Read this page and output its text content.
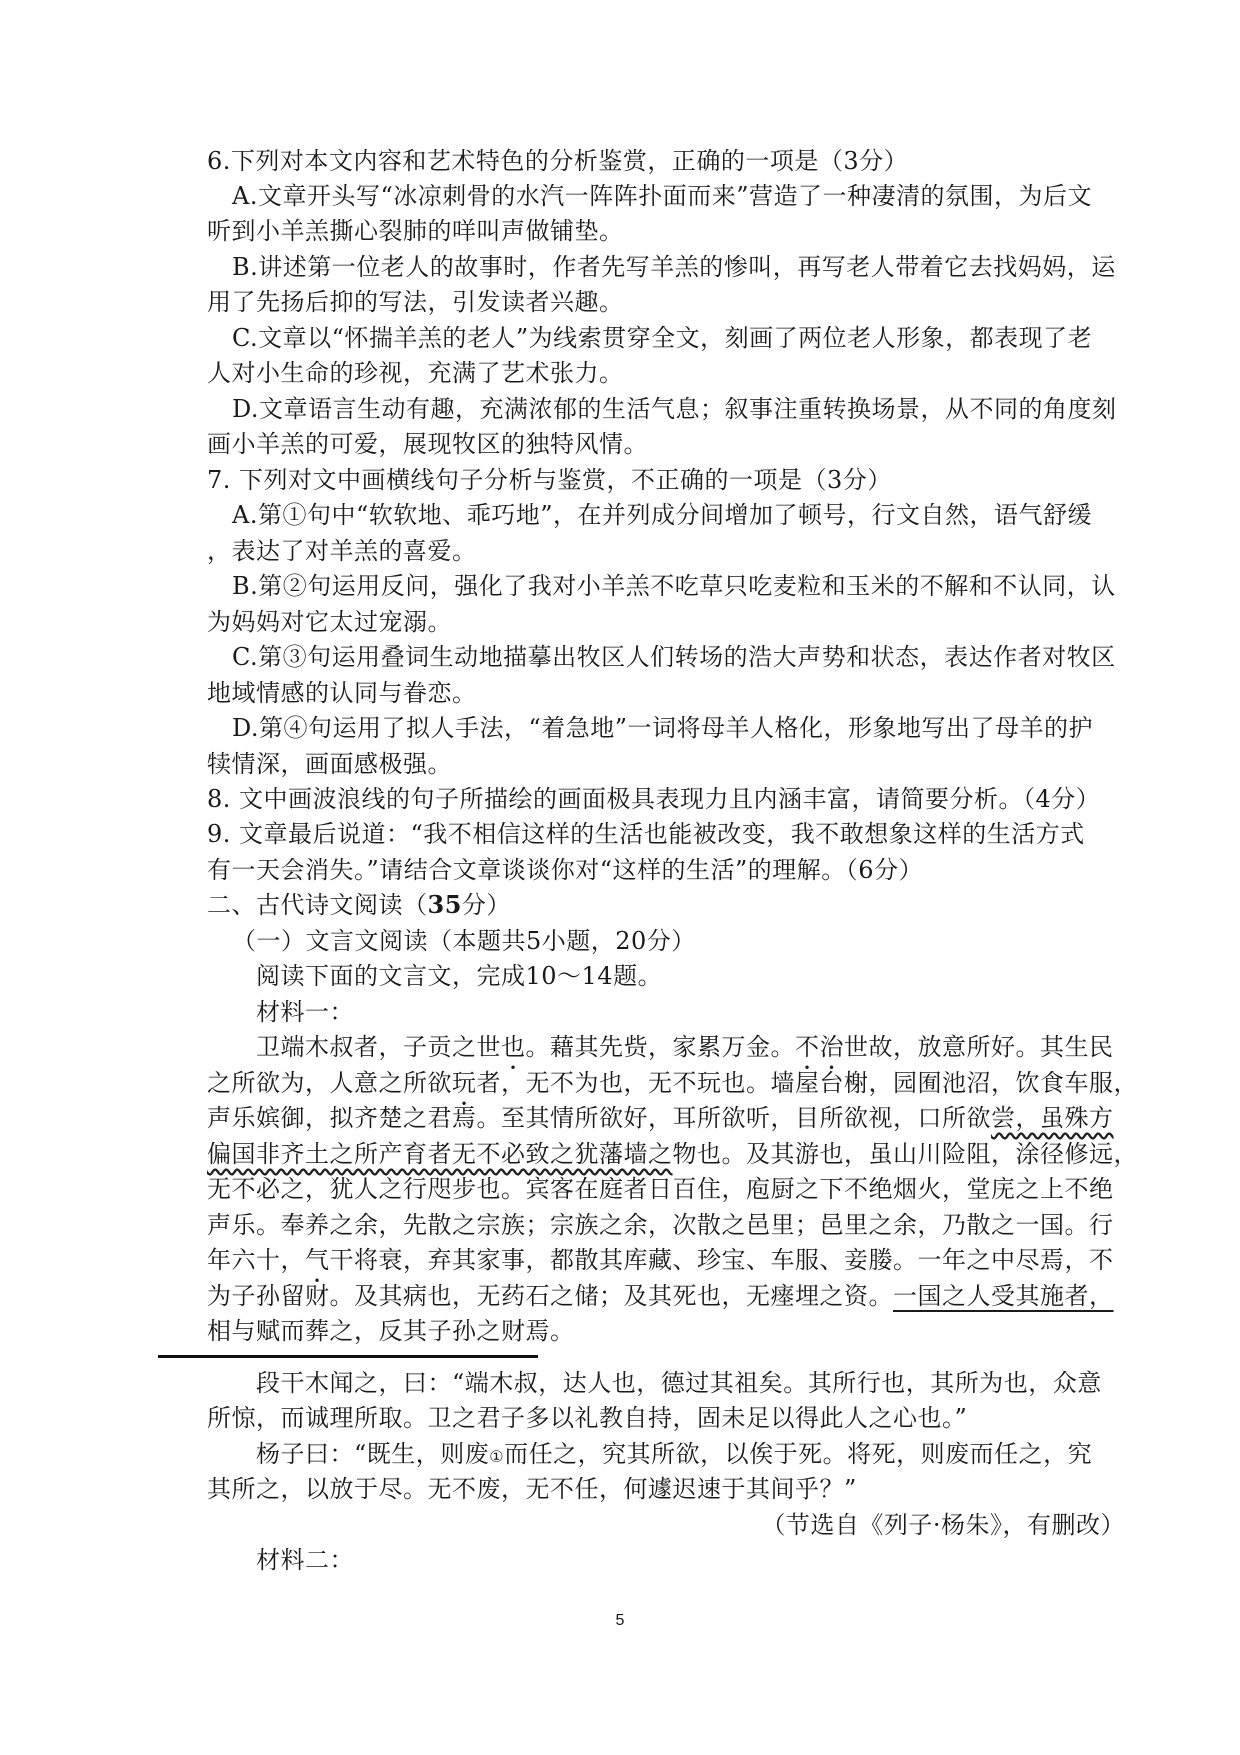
6.下列对本文内容和艺术特色的分析鉴赏，正确的一项是（3分）
A.文章开头写“冰凉刺骨的水汽一阵阵扑面而来”营造了一种凄清的氛围，为后文
听到小羊羔撕心裂肺的咩叫声做铺垫。
B.讲述第一位老人的故事时，作者先写羊羔的惨叫，再写老人带着它去找妈妈，运
用了先扬后抑的写法，引发读者兴趣。
C.文章以“怀揣羊羔的老人”为线索贯穿全文，刻画了两位老人形象，都表现了老
人对小生命的珍视，充满了艺术张力。
D.文章语言生动有趣，充满浓郁的生活气息；叙事注重转换场景，从不同的角度刻
画小羊羔的可爱，展现牧区的独特风情。
7. 下列对文中画横线句子分析与鉴赏，不正确的一项是（3分）
A.第①句中“软软地、乖巧地”，在并列成分间增加了顿号，行文自然，语气舒缓
，表达了对羊羔的喜爱。
B.第②句运用反问，强化了我对小羊羔不吃草只吃麦粒和玉米的不解和不认同，认
为妈妈对它太过宠溺。
C.第③句运用叠词生动地描摹出牧区人们转场的浩大声势和状态，表达作者对牧区
地域情感的认同与眷恋。
D.第④句运用了拟人手法，“着急地”一词将母羊人格化，形象地写出了母羊的护
犊情深，画面感极强。
8. 文中画波浪线的句子所描绘的画面极具表现力且内涵丰富，请简要分析。（4分）
9. 文章最后说道：“我不相信这样的生活也能被改变，我不敢想象这样的生活方式
有一天会消失。”请结合文章谈谈你对“这样的生活”的理解。（6分）
二、古代诗文阅读（35分）
（一）文言文阅读（本题共5小题，20分）
阅读下面的文言文，完成10～14题。
材料一：
卫端木叔者，子贡之世也。藉其先赀，家累万金。不治世故，放意所好。其生民
之所欲为，人意之所欲玩者，无不为也，无不玩也。墙屋台榭，园囿池沼，饮食车服，
声乐嫔御，拟齐楚之君焉。至其情所欲好，耳所欲听，目所欲视，口所欲尝，虽殊方
偏国非齐土之所产育者无不必致之犹藩墙之物也。及其游也，虽山川险阻，涂径修远，
无不必之，犹人之行咫步也。宾客在庭者日百住，庖厨之下不绝烟火，堂庑之上不绝
声乐。奉养之余，先散之宗族；宗族之余，次散之邑里；邑里之余，乃散之一国。行
年六十，气干将衰，弃其家事，都散其库藏、珍宝、车服、妾媵。一年之中尽焉，不
为子孙留财。及其病也，无药石之储；及其死也，无瘗埋之资。一国之人受其施者，
相与赋而葬之，反其子孙之财焉。
段干木闻之，曰：“端木叔，达人也，德过其祖矣。其所行也，其所为也，众意
所惊，而诚理所取。卫之君子多以礼教自持，固未足以得此人之心也。”
杨子曰：“既生，则废①而任之，究其所欲，以俟于死。将死，则废而任之，究
其所之，以放于尽。无不废，无不任，何遽迟速于其间乎？”
（节选自《列子·杨朱》，有删改）
材料二：
5
